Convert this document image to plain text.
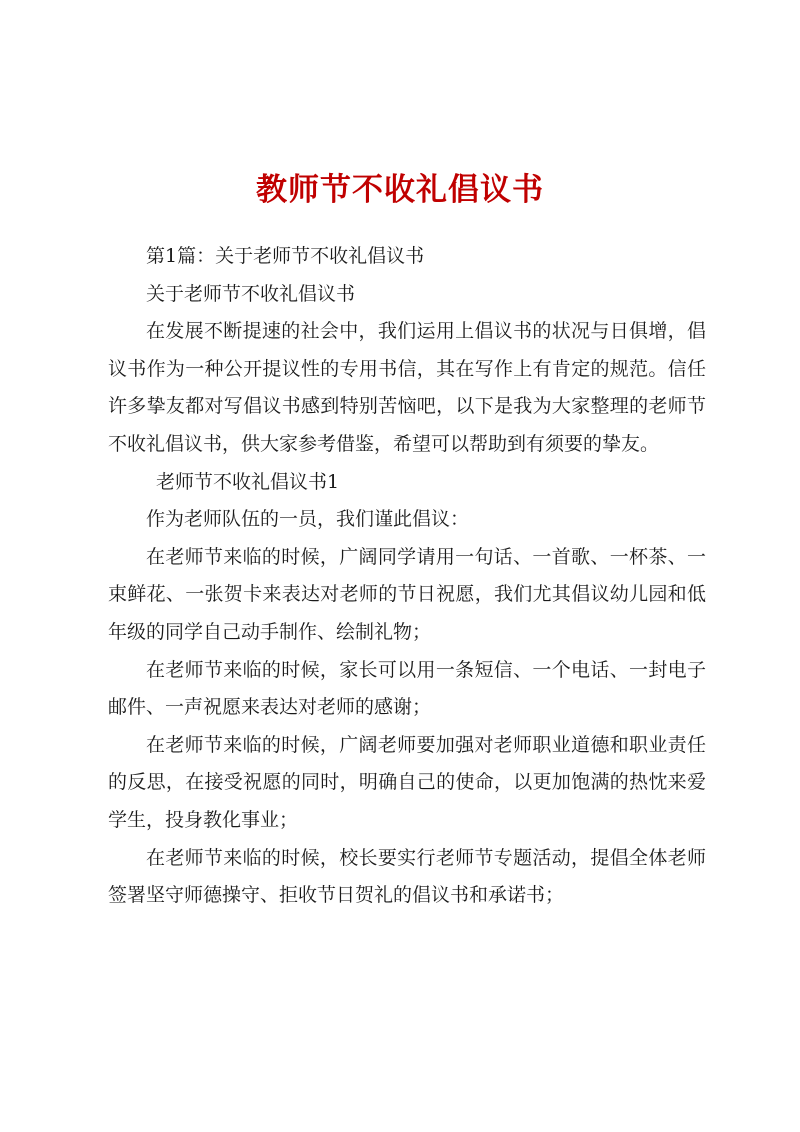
教师节不收礼倡议书

第1篇：关于老师节不收礼倡议书

关于老师节不收礼倡议书

在发展不断提速的社会中，我们运用上倡议书的状况与日俱增，倡议书作为一种公开提议性的专用书信，其在写作上有肯定的规范。信任许多挚友都对写倡议书感到特别苦恼吧，以下是我为大家整理的老师节不收礼倡议书，供大家参考借鉴，希望可以帮助到有须要的挚友。

老师节不收礼倡议书1

作为老师队伍的一员，我们谨此倡议：

在老师节来临的时候，广阔同学请用一句话、一首歌、一杯茶、一束鲜花、一张贺卡来表达对老师的节日祝愿，我们尤其倡议幼儿园和低年级的同学自己动手制作、绘制礼物；

在老师节来临的时候，家长可以用一条短信、一个电话、一封电子邮件、一声祝愿来表达对老师的感谢；

在老师节来临的时候，广阔老师要加强对老师职业道德和职业责任的反思，在接受祝愿的同时，明确自己的使命，以更加饱满的热忱来爱学生，投身教化事业；

在老师节来临的时候，校长要实行老师节专题活动，提倡全体老师签署坚守师德操守、拒收节日贺礼的倡议书和承诺书；
